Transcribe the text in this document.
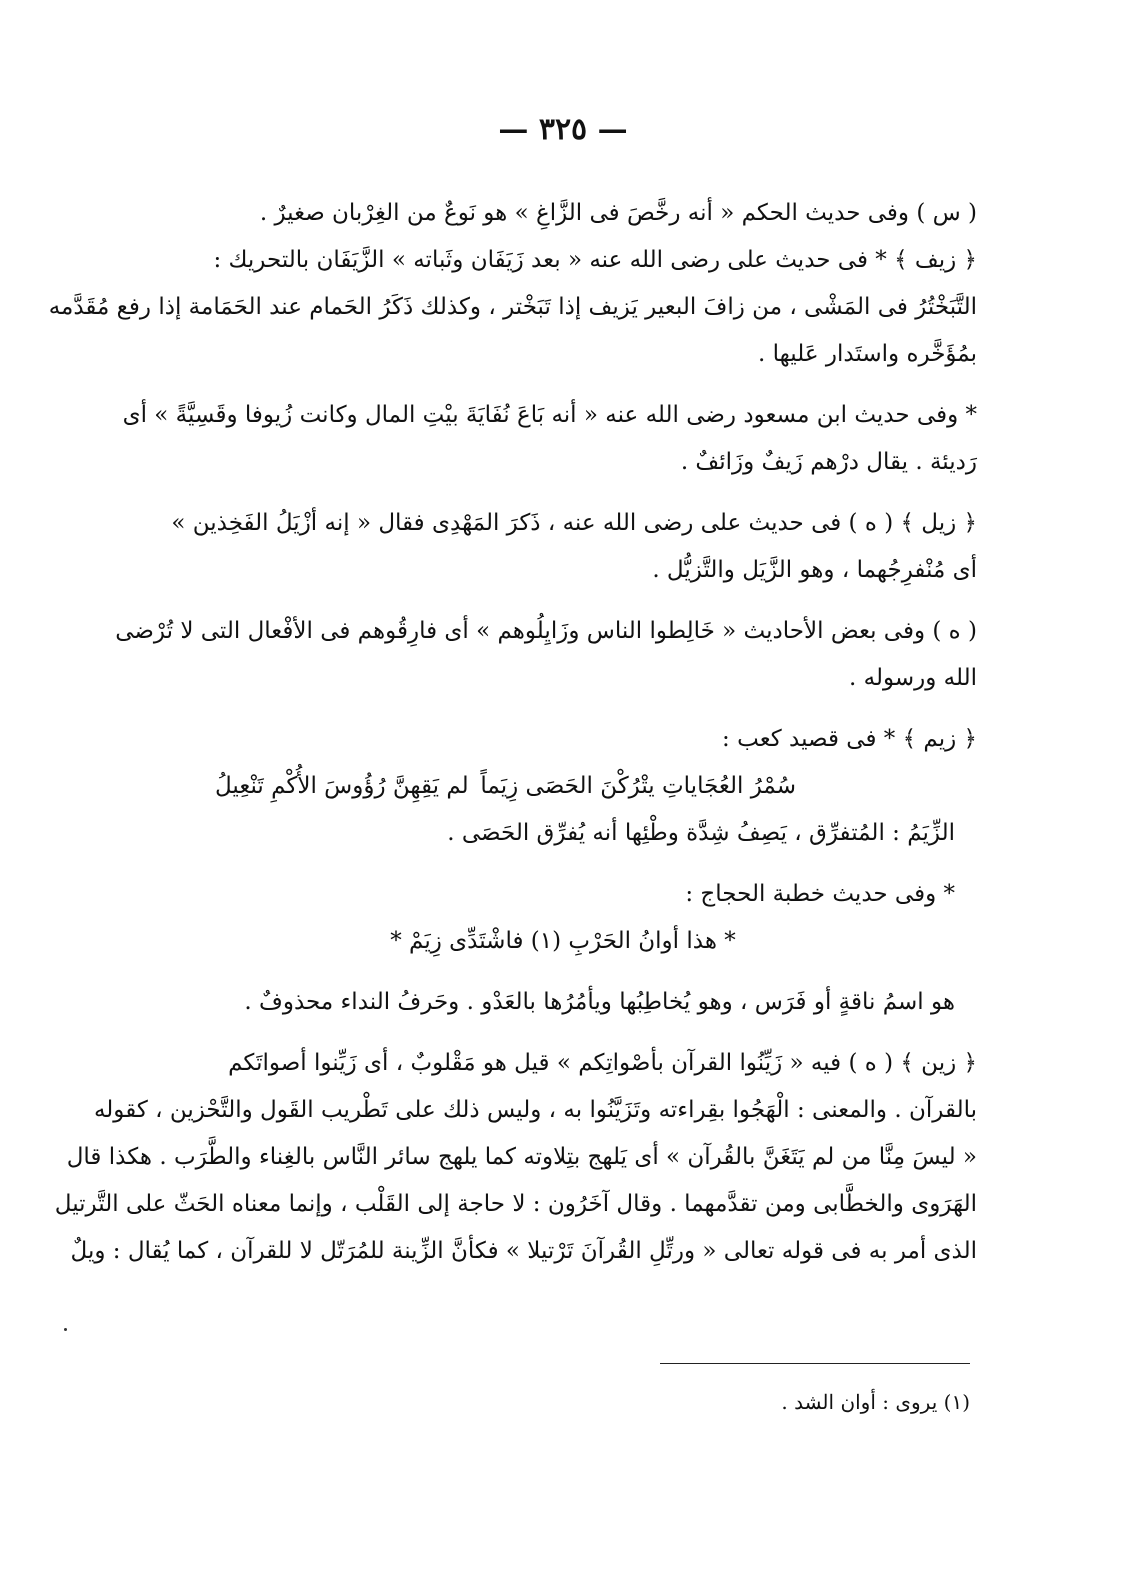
— ٣٢٥ —
( س ) وفى حديث الحكم « أنه رخَّصَ فى الزَّاغِ » هو نَوعٌ من الغِرْبان صغيرٌ .
﴿ زيف ﴾ * فى حديث على رضى الله عنه « بعد زَيَفَان وثَباته » الزَّيَفَان بالتحريك :
التَّبَخْتُرُ فى المَشْى ، من زافَ البعير يَزيف إذا تَبَخْتر ، وكذلك ذَكَرُ الحَمام عند الحَمَامة إذا رفع مُقَدَّمه
بمُؤَخَّره واستَدار عَليها .
* وفى حديث ابن مسعود رضى الله عنه « أنه بَاعَ نُفَايَةَ بيْتِ المال وكانت زُيوفا وقَسِيَّةً » أى
رَديئة . يقال درْهم زَيفٌ وزَائفٌ .
﴿ زيل ﴾ ( ه ) فى حديث على رضى الله عنه ، ذَكرَ المَهْدِى فقال « إنه أزْيَلُ الفَخِذين »
أى مُنْفرِجُهما ، وهو الزَّيَل والتَّزيُّل .
( ه ) وفى بعض الأحاديث « خَالِطوا الناس وزَايِلُوهم » أى فارِقُوهم فى الأفْعال التى لا تُرْضى
الله ورسوله .
﴿ زيم ﴾ * فى قصيد كعب :
الزِّيَمُ : المُتفرِّق ، يَصِفُ شِدَّة وطْئِها أنه يُفرِّق الحَصَى .
* وفى حديث خطبة الحجاج :
هو اسمُ ناقةٍ أو فَرَس ، وهو يُخاطِبُها ويأمُرُها بالعَدْو . وحَرفُ النداء محذوفٌ .
﴿ زين ﴾ ( ه ) فيه « زَيِّنُوا القرآن بأصْواتِكم » قيل هو مَقْلوبٌ ، أى زَيِّنوا أصواتَكم
بالقرآن . والمعنى : الْهَجُوا بقِراءته وتَزَيَّنُوا به ، وليس ذلك على تَطْريب القَول والتَّحْزين ، كقوله
« ليسَ مِنَّا من لم يَتَغَنَّ بالقُرآن » أى يَلهج بتِلاوته كما يلهج سائر النَّاس بالغِناء والطَّرَب . هكذا قال
الهَرَوى والخطَّابى ومن تقدَّمهما . وقال آخَرُون : لا حاجة إلى القَلْب ، وإنما معناه الحَثّ على التَّرتيل
الذى أمر به فى قوله تعالى « ورتِّلِ القُرآنَ تَرْتيلا » فكأنَّ الزِّينة للمُرَتّل لا للقرآن ، كما يُقال : ويلٌ
سُمْرُ العُجَاياتِ يتْرُكْنَ الحَصَى زِيَماً
لم يَقِهِنَّ رُؤُوسَ الأُكْمِ تَنْعِيلُ
* هذا أوانُ الحَرْبِ (١) فاشْتَدِّى زِيَمْ *
(١) يروى : أوان الشد .
